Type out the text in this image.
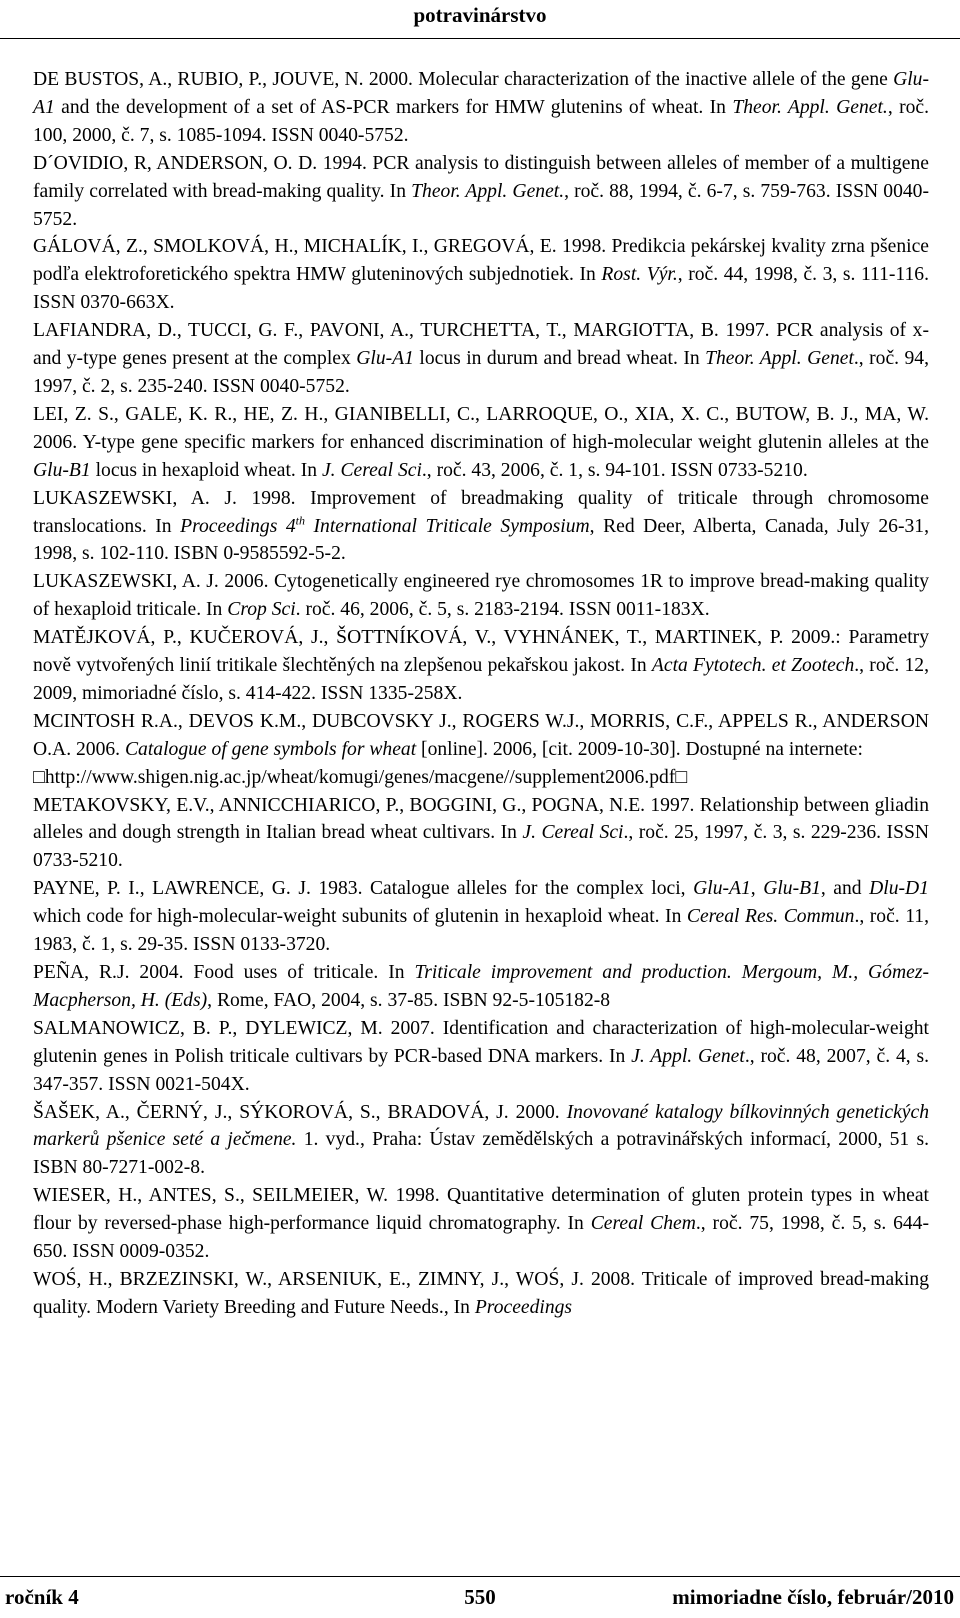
potravinárstvo

DE BUSTOS, A., RUBIO, P., JOUVE, N. 2000. Molecular characterization of the inactive allele of the gene Glu-A1 and the development of a set of AS-PCR markers for HMW glutenins of wheat. In Theor. Appl. Genet., roč. 100, 2000, č. 7, s. 1085-1094. ISSN 0040-5752.

D´OVIDIO, R, ANDERSON, O. D. 1994. PCR analysis to distinguish between alleles of member of a multigene family correlated with bread-making quality. In Theor. Appl. Genet., roč. 88, 1994, č. 6-7, s. 759-763. ISSN 0040-5752.

GÁLOVÁ, Z., SMOLKOVÁ, H., MICHALÍK, I., GREGOVÁ, E. 1998. Predikcia pekárskej kvality zrna pšenice podľa elektroforetického spektra HMW gluteninových subjednotiek. In Rost. Výr., roč. 44, 1998, č. 3, s. 111-116. ISSN 0370-663X.

LAFIANDRA, D., TUCCI, G. F., PAVONI, A., TURCHETTA, T., MARGIOTTA, B. 1997. PCR analysis of x- and y-type genes present at the complex Glu-A1 locus in durum and bread wheat. In Theor. Appl. Genet., roč. 94, 1997, č. 2, s. 235-240. ISSN 0040-5752.

LEI, Z. S., GALE, K. R., HE, Z. H., GIANIBELLI, C., LARROQUE, O., XIA, X. C., BUTOW, B. J., MA, W. 2006. Y-type gene specific markers for enhanced discrimination of high-molecular weight glutenin alleles at the Glu-B1 locus in hexaploid wheat. In J. Cereal Sci., roč. 43, 2006, č. 1, s. 94-101. ISSN 0733-5210.

LUKASZEWSKI, A. J. 1998. Improvement of breadmaking quality of triticale through chromosome translocations. In Proceedings 4th International Triticale Symposium, Red Deer, Alberta, Canada, July 26-31, 1998, s. 102-110. ISBN 0-9585592-5-2.

LUKASZEWSKI, A. J. 2006. Cytogenetically engineered rye chromosomes 1R to improve bread-making quality of hexaploid triticale. In Crop Sci. roč. 46, 2006, č. 5, s. 2183-2194. ISSN 0011-183X.

MATĚJKOVÁ, P., KUČEROVÁ, J., ŠOTTNÍKOVÁ, V., VYHNÁNEK, T., MARTINEK, P. 2009.: Parametry nově vytvořených linií tritikale šlechtěných na zlepšenou pekařskou jakost. In Acta Fytotech. et Zootech., roč. 12, 2009, mimoriadné číslo, s. 414-422. ISSN 1335-258X.

MCINTOSH R.A., DEVOS K.M., DUBCOVSKY J., ROGERS W.J., MORRIS, C.F., APPELS R., ANDERSON O.A. 2006. Catalogue of gene symbols for wheat [online]. 2006, [cit. 2009-10-30]. Dostupné na internete:
□http://www.shigen.nig.ac.jp/wheat/komugi/genes/macgene//supplement2006.pdf□

METAKOVSKY, E.V., ANNICCHIARICO, P., BOGGINI, G., POGNA, N.E. 1997. Relationship between gliadin alleles and dough strength in Italian bread wheat cultivars. In J. Cereal Sci., roč. 25, 1997, č. 3, s. 229-236. ISSN 0733-5210.

PAYNE, P. I., LAWRENCE, G. J. 1983. Catalogue alleles for the complex loci, Glu-A1, Glu-B1, and Dlu-D1 which code for high-molecular-weight subunits of glutenin in hexaploid wheat. In Cereal Res. Commun., roč. 11, 1983, č. 1, s. 29-35. ISSN 0133-3720.

PEÑA, R.J. 2004. Food uses of triticale. In Triticale improvement and production. Mergoum, M., Gómez-Macpherson, H. (Eds), Rome, FAO, 2004, s. 37-85. ISBN 92-5-105182-8

SALMANOWICZ, B. P., DYLEWICZ, M. 2007. Identification and characterization of high-molecular-weight glutenin genes in Polish triticale cultivars by PCR-based DNA markers. In J. Appl. Genet., roč. 48, 2007, č. 4, s. 347-357. ISSN 0021-504X.

ŠAŠEK, A., ČERNÝ, J., SÝKOROVÁ, S., BRADOVÁ, J. 2000. Inovované katalogy bílkovinných genetických markerů pšenice seté a ječmene. 1. vyd., Praha: Ústav zemědělských a potravinářských informací, 2000, 51 s. ISBN 80-7271-002-8.

WIESER, H., ANTES, S., SEILMEIER, W. 1998. Quantitative determination of gluten protein types in wheat flour by reversed-phase high-performance liquid chromatography. In Cereal Chem., roč. 75, 1998, č. 5, s. 644-650. ISSN 0009-0352.

WOŚ, H., BRZEZINSKI, W., ARSENIUK, E., ZIMNY, J., WOŚ, J. 2008. Triticale of improved bread-making quality. Modern Variety Breeding and Future Needs., In Proceedings

ročník 4	550	mimoriadne číslo, február/2010
